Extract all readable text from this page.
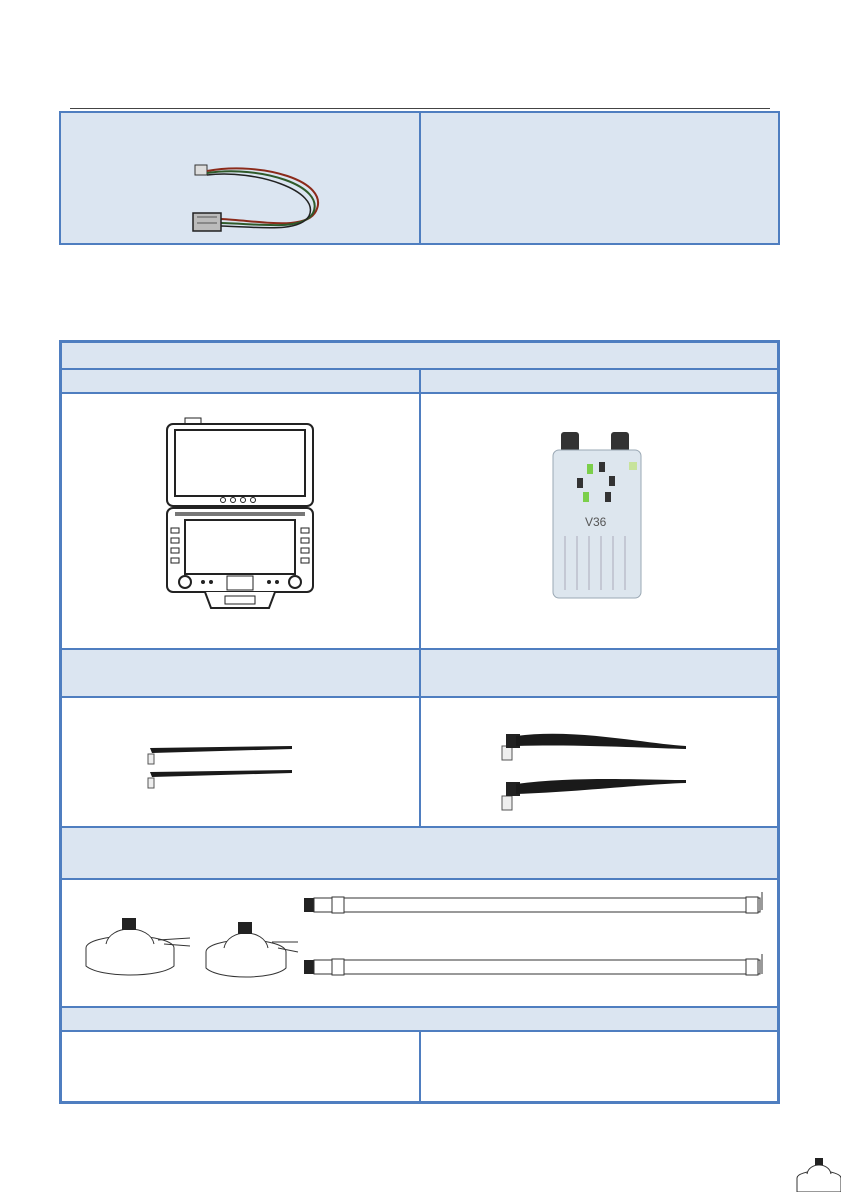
V36
